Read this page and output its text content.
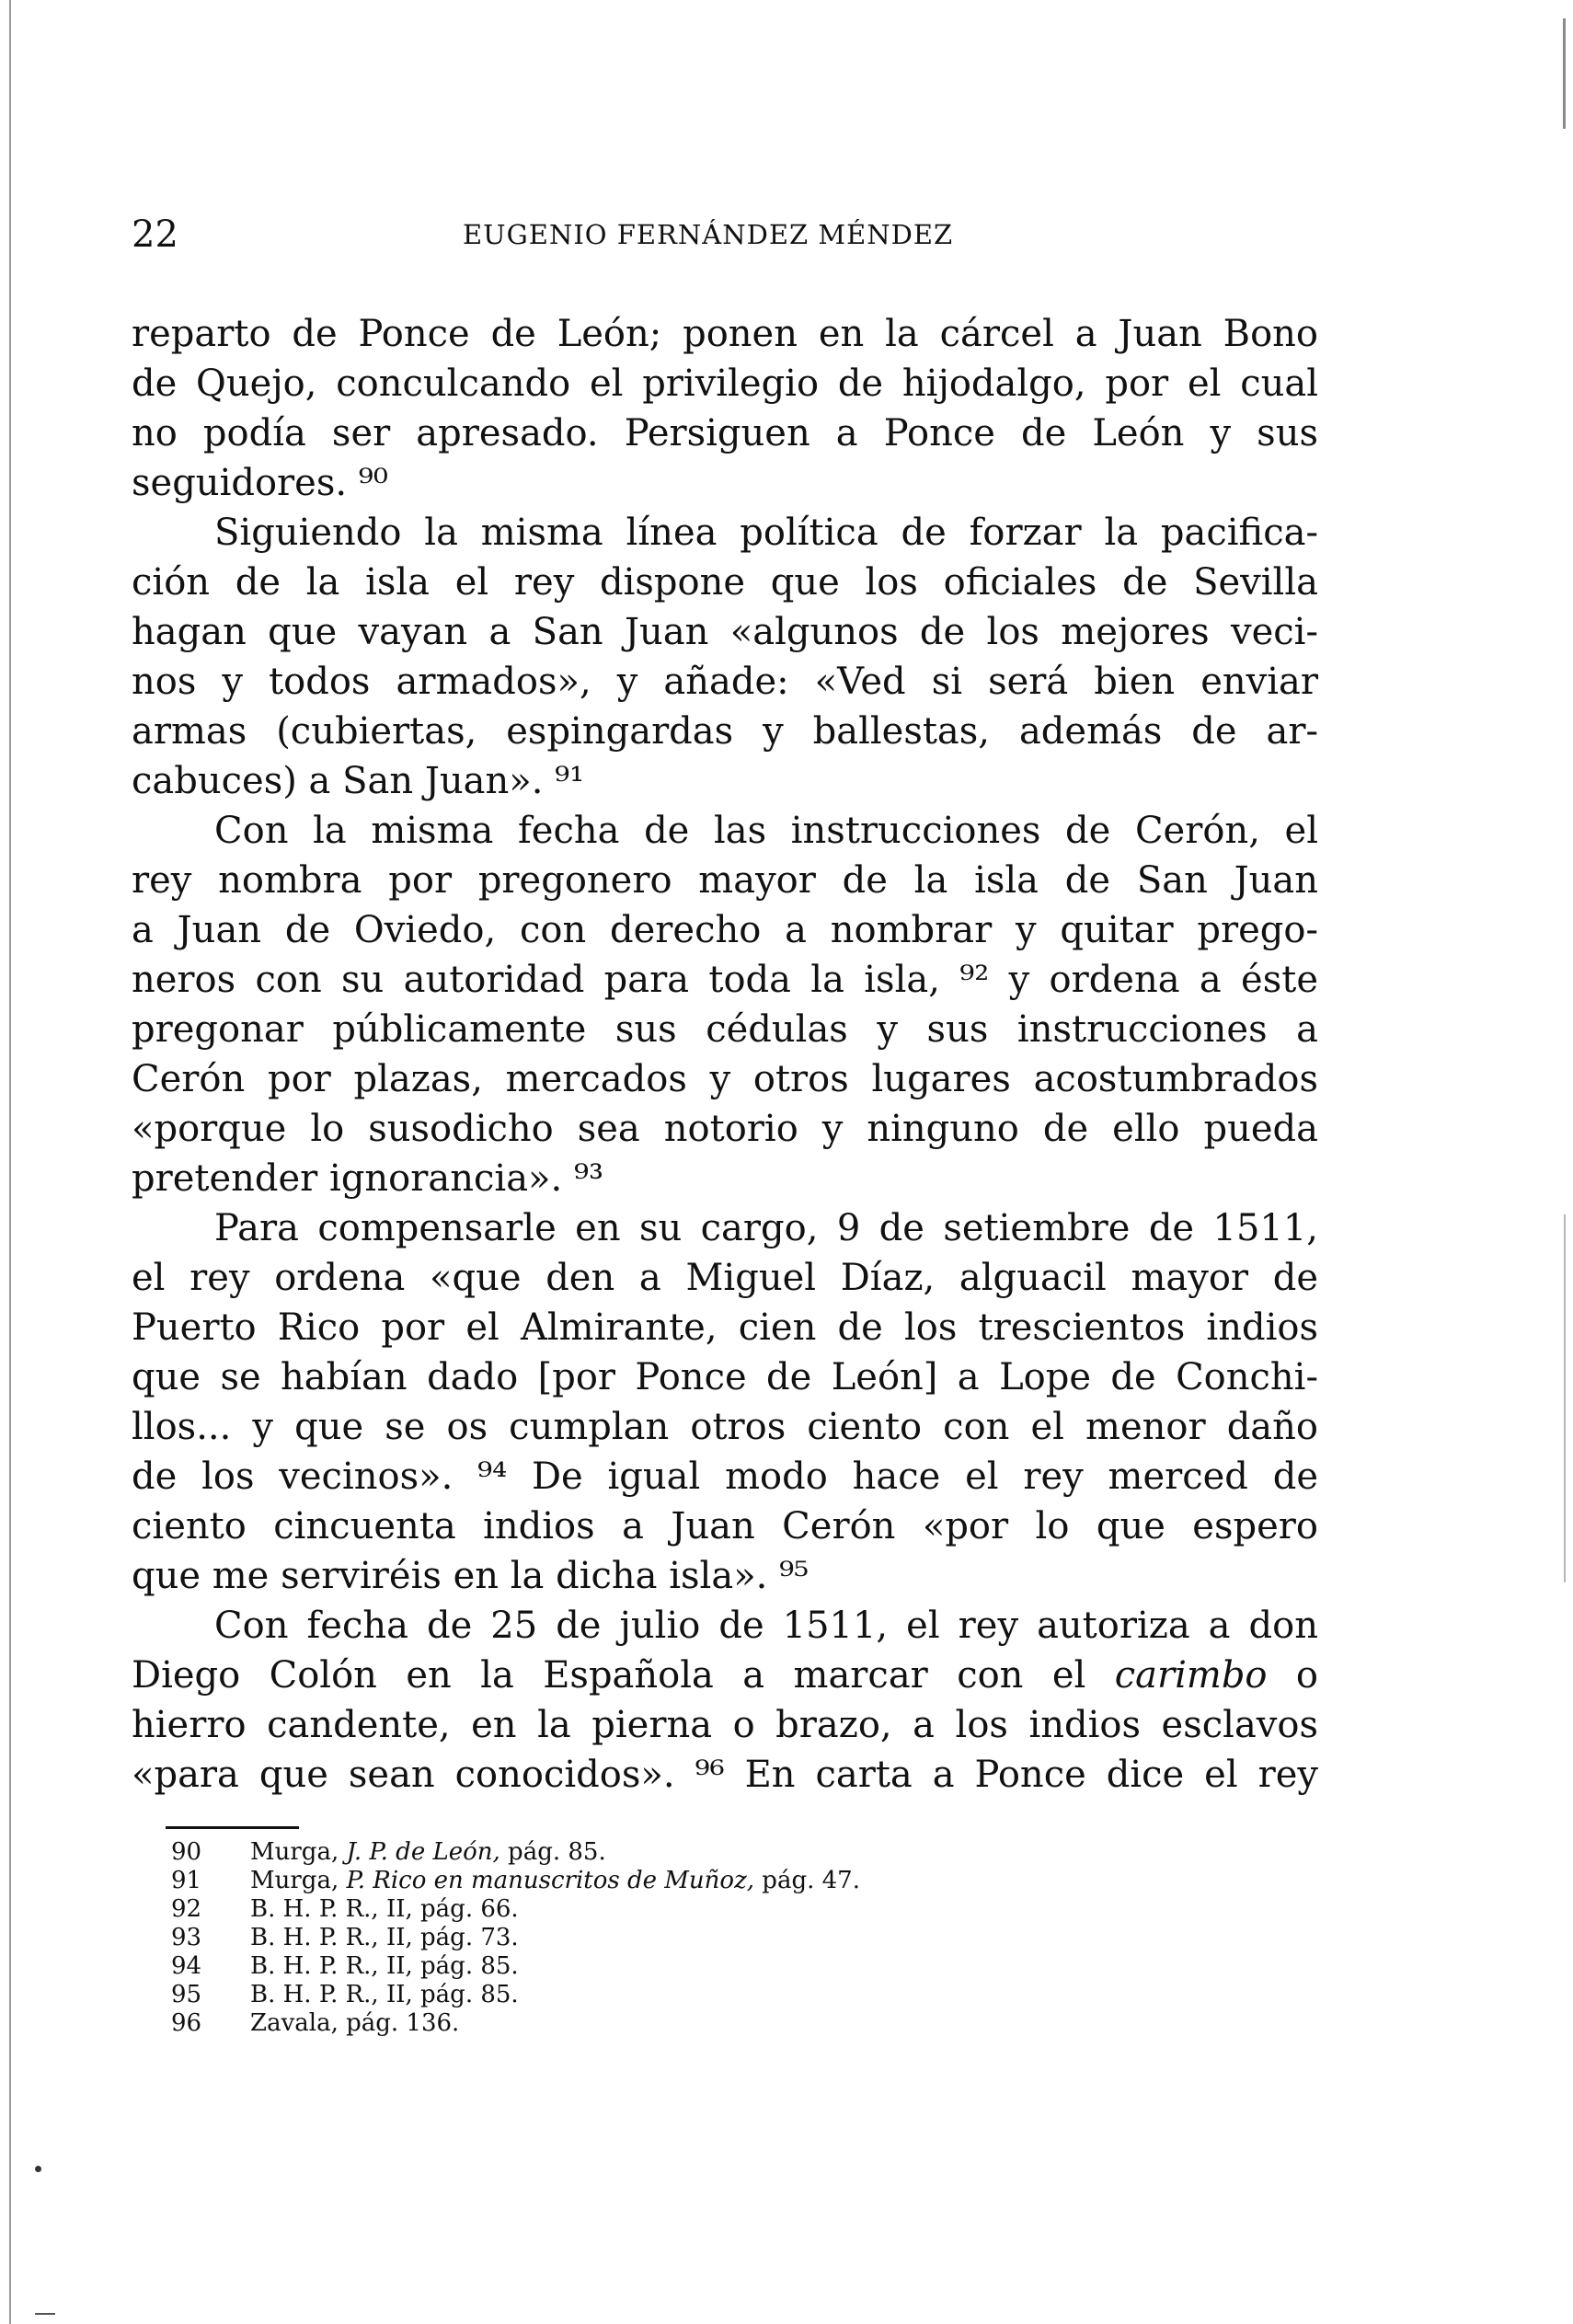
22	EUGENIO FERNÁNDEZ MÉNDEZ
reparto de Ponce de León; ponen en la cárcel a Juan Bono
de Quejo, conculcando el privilegio de hijodalgo, por el cual
no podía ser apresado. Persiguen a Ponce de León y sus
seguidores. ⁹⁰
Siguiendo la misma línea política de forzar la pacifica-
ción de la isla el rey dispone que los oficiales de Sevilla
hagan que vayan a San Juan «algunos de los mejores veci-
nos y todos armados», y añade: «Ved si será bien enviar
armas (cubiertas, espingardas y ballestas, además de ar-
cabuces) a San Juan». ⁹¹
Con la misma fecha de las instrucciones de Cerón, el
rey nombra por pregonero mayor de la isla de San Juan
a Juan de Oviedo, con derecho a nombrar y quitar prego-
neros con su autoridad para toda la isla, ⁹² y ordena a éste
pregonar públicamente sus cédulas y sus instrucciones a
Cerón por plazas, mercados y otros lugares acostumbrados
«porque lo susodicho sea notorio y ninguno de ello pueda
pretender ignorancia». ⁹³
Para compensarle en su cargo, 9 de setiembre de 1511,
el rey ordena «que den a Miguel Díaz, alguacil mayor de
Puerto Rico por el Almirante, cien de los trescientos indios
que se habían dado [por Ponce de León] a Lope de Conchi-
llos... y que se os cumplan otros ciento con el menor daño
de los vecinos». ⁹⁴ De igual modo hace el rey merced de
ciento cincuenta indios a Juan Cerón «por lo que espero
que me serviréis en la dicha isla». ⁹⁵
Con fecha de 25 de julio de 1511, el rey autoriza a don
Diego Colón en la Española a marcar con el carimbo o
hierro candente, en la pierna o brazo, a los indios esclavos
«para que sean conocidos». ⁹⁶ En carta a Ponce dice el rey
90	Murga, J. P. de León, pág. 85.
91	Murga, P. Rico en manuscritos de Muñoz, pág. 47.
92	B. H. P. R., II, pág. 66.
93	B. H. P. R., II, pág. 73.
94	B. H. P. R., II, pág. 85.
95	B. H. P. R., II, pág. 85.
96	Zavala, pág. 136.
